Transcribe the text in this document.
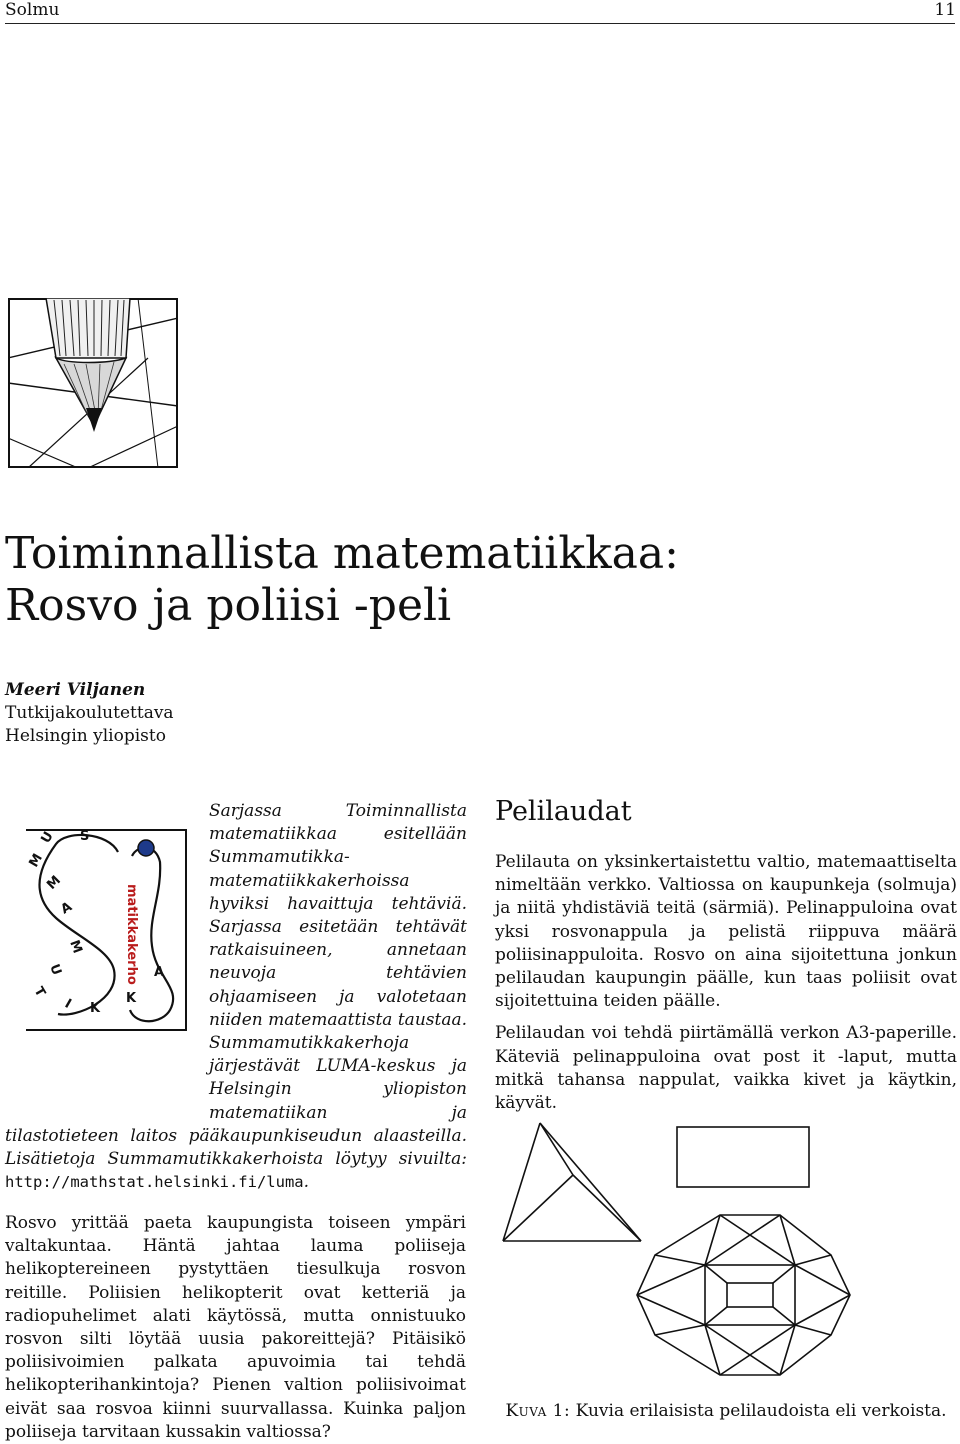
Solmu	11
Toiminnallista matematiikkaa:
Rosvo ja poliisi -peli
Meeri Viljanen
Tutkijakoulutettava
Helsingin yliopisto
S
U
M
M
A
M
U
T
I K
K
A
matikkakerho
Sarjassa Toiminnallista matematiikkaa esitellään Summamutikka-matematiikkakerhoissa hyviksi havaittuja tehtäviä. Sarjassa esitetään tehtävät ratkaisuineen, annetaan neuvoja tehtävien ohjaamiseen ja valotetaan niiden matemaattista taustaa. Summamutikkakerhoja järjestävät LUMA-keskus ja Helsingin yliopiston matematiikan ja tilastotieteen laitos pääkaupunkiseudun alaasteilla. Lisätietoja Summamutikkakerhoista löytyy sivuilta: http://mathstat.helsinki.fi/luma.

Rosvo yrittää paeta kaupungista toiseen ympäri valtakuntaa. Häntä jahtaa lauma poliiseja helikoptereineen pystyttäen tiesulkuja rosvon reitille. Poliisien helikopterit ovat ketteriä ja radiopuhelimet alati käytössä, mutta onnistuuko rosvon silti löytää uusia pakoreittejä? Pitäisikö poliisivoimien palkata apuvoimia tai tehdä helikopterihankintoja? Pienen valtion poliisivoimat eivät saa rosvoa kiinni suurvallassa. Kuinka paljon poliiseja tarvitaan kussakin valtiossa?

Pelilaudat

Pelilauta on yksinkertaistettu valtio, matemaattiselta nimeltään verkko. Valtiossa on kaupunkeja (solmuja) ja niitä yhdistäviä teitä (särmiä). Pelinappuloina ovat yksi rosvonappula ja pelistä riippuva määrä poliisinappuloita. Rosvo on aina sijoitettuna jonkun pelilaudan kaupungin päälle, kun taas poliisit ovat sijoitettuina teiden päälle.

Pelilaudan voi tehdä piirtämällä verkon A3-paperille. Käteviä pelinappuloina ovat post it -laput, mutta mitkä tahansa nappulat, vaikka kivet ja käytkin, käyvät.

Kuva 1: Kuvia erilaisista pelilaudoista eli verkoista.
